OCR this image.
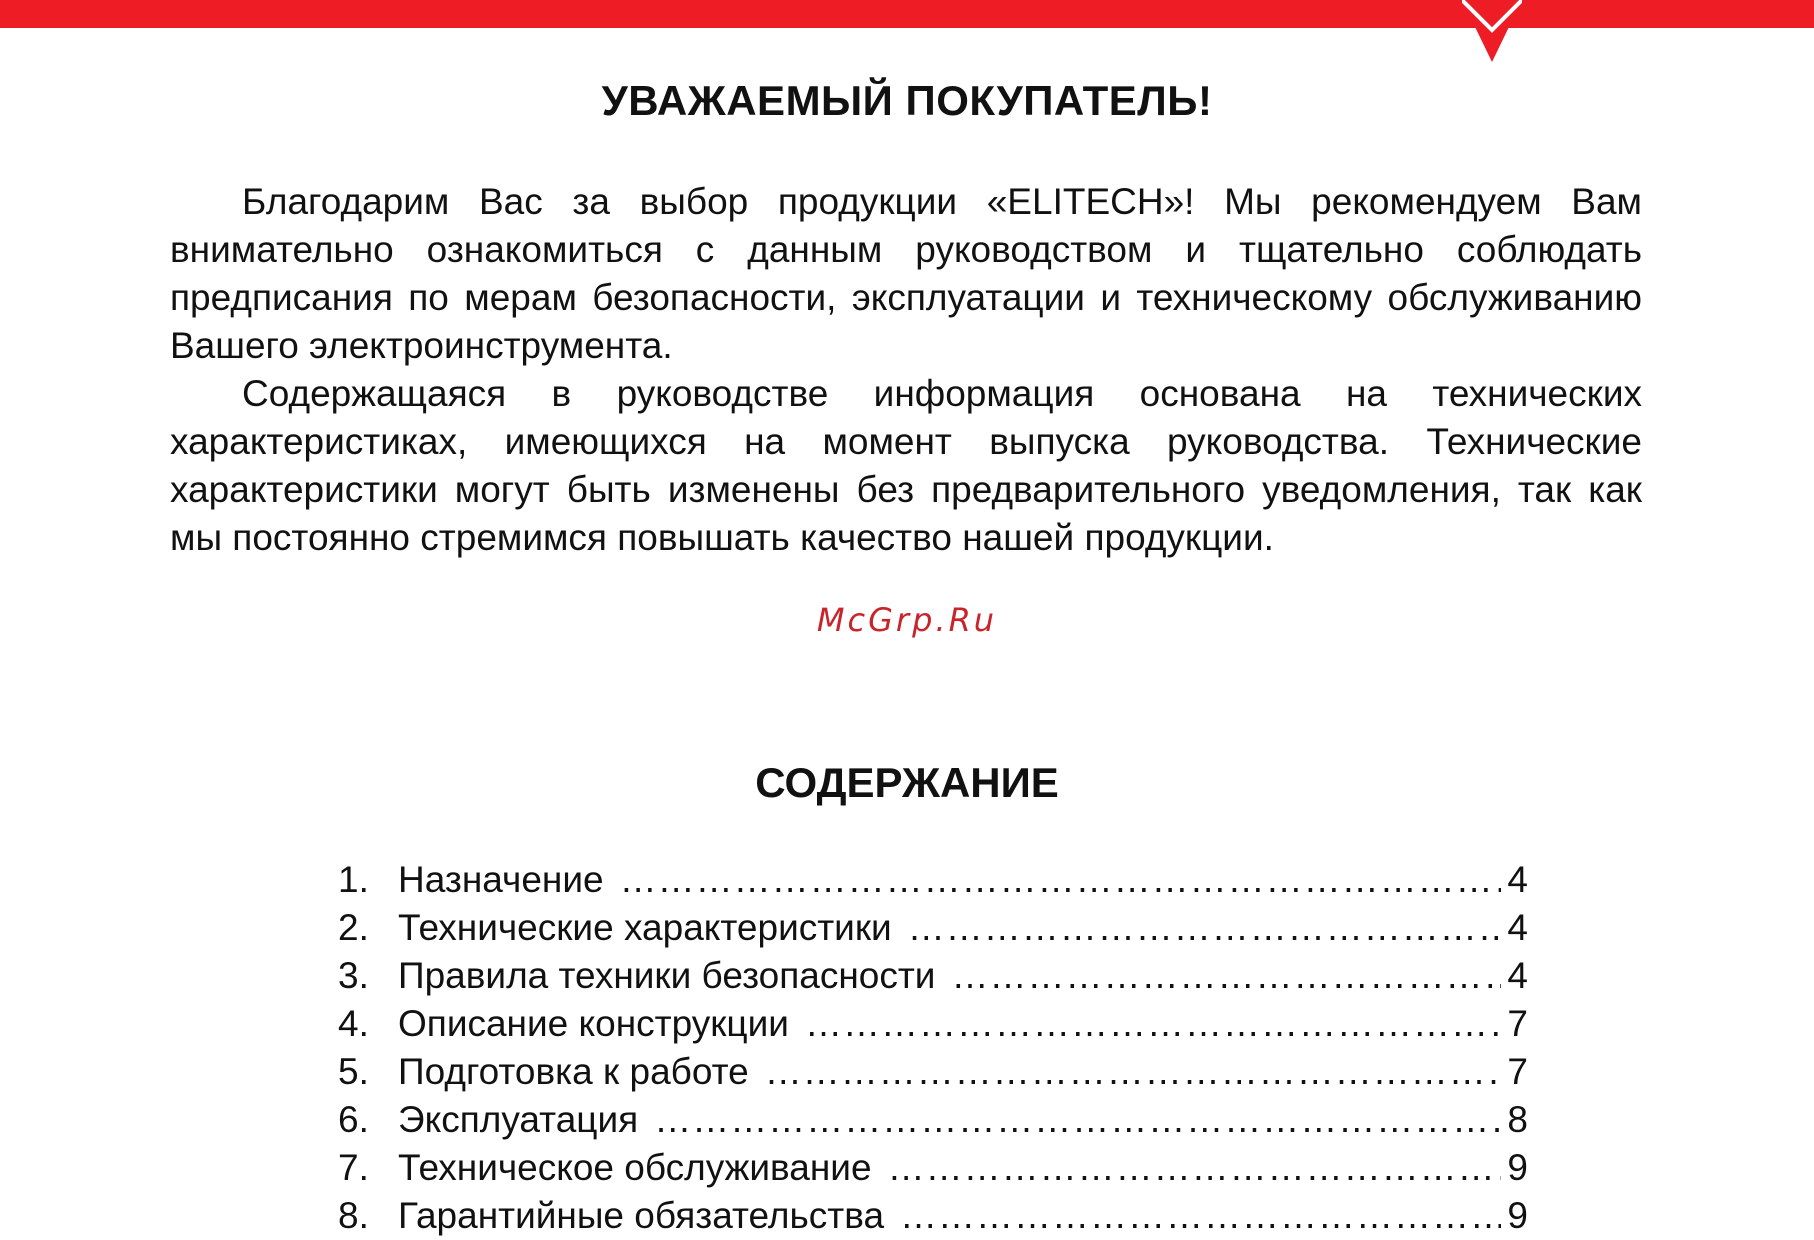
УВАЖАЕМЫЙ ПОКУПАТЕЛЬ!

Благодарим Вас за выбор продукции «ELITECH»! Мы рекомендуем Вам внимательно ознакомиться с данным руководством и тщательно соблюдать предписания по мерам безопасности, эксплуатации и техническому обслуживанию Вашего электроинструмента.

Содержащаяся в руководстве информация основана на технических характеристиках, имеющихся на момент выпуска руководства. Технические характеристики могут быть изменены без предварительного уведомления, так как мы постоянно стремимся повышать качество нашей продукции.

McGrp.Ru
СОДЕРЖАНИЕ
1. Назначение ……………………………………………………………………………………………………………………………………………………………………	4
2. Технические характеристики ……………………………………………………………………………………………………………………………………………………………………	4
3. Правила техники безопасности ……………………………………………………………………………………………………………………………………………………………………	4
4. Описание конструкции ……………………………………………………………………………………………………………………………………………………………………	7
5. Подготовка к работе ……………………………………………………………………………………………………………………………………………………………………	7
6. Эксплуатация ……………………………………………………………………………………………………………………………………………………………………	8
7. Техническое обслуживание ……………………………………………………………………………………………………………………………………………………………………	9
8. Гарантийные обязательства ……………………………………………………………………………………………………………………………………………………………………	9
